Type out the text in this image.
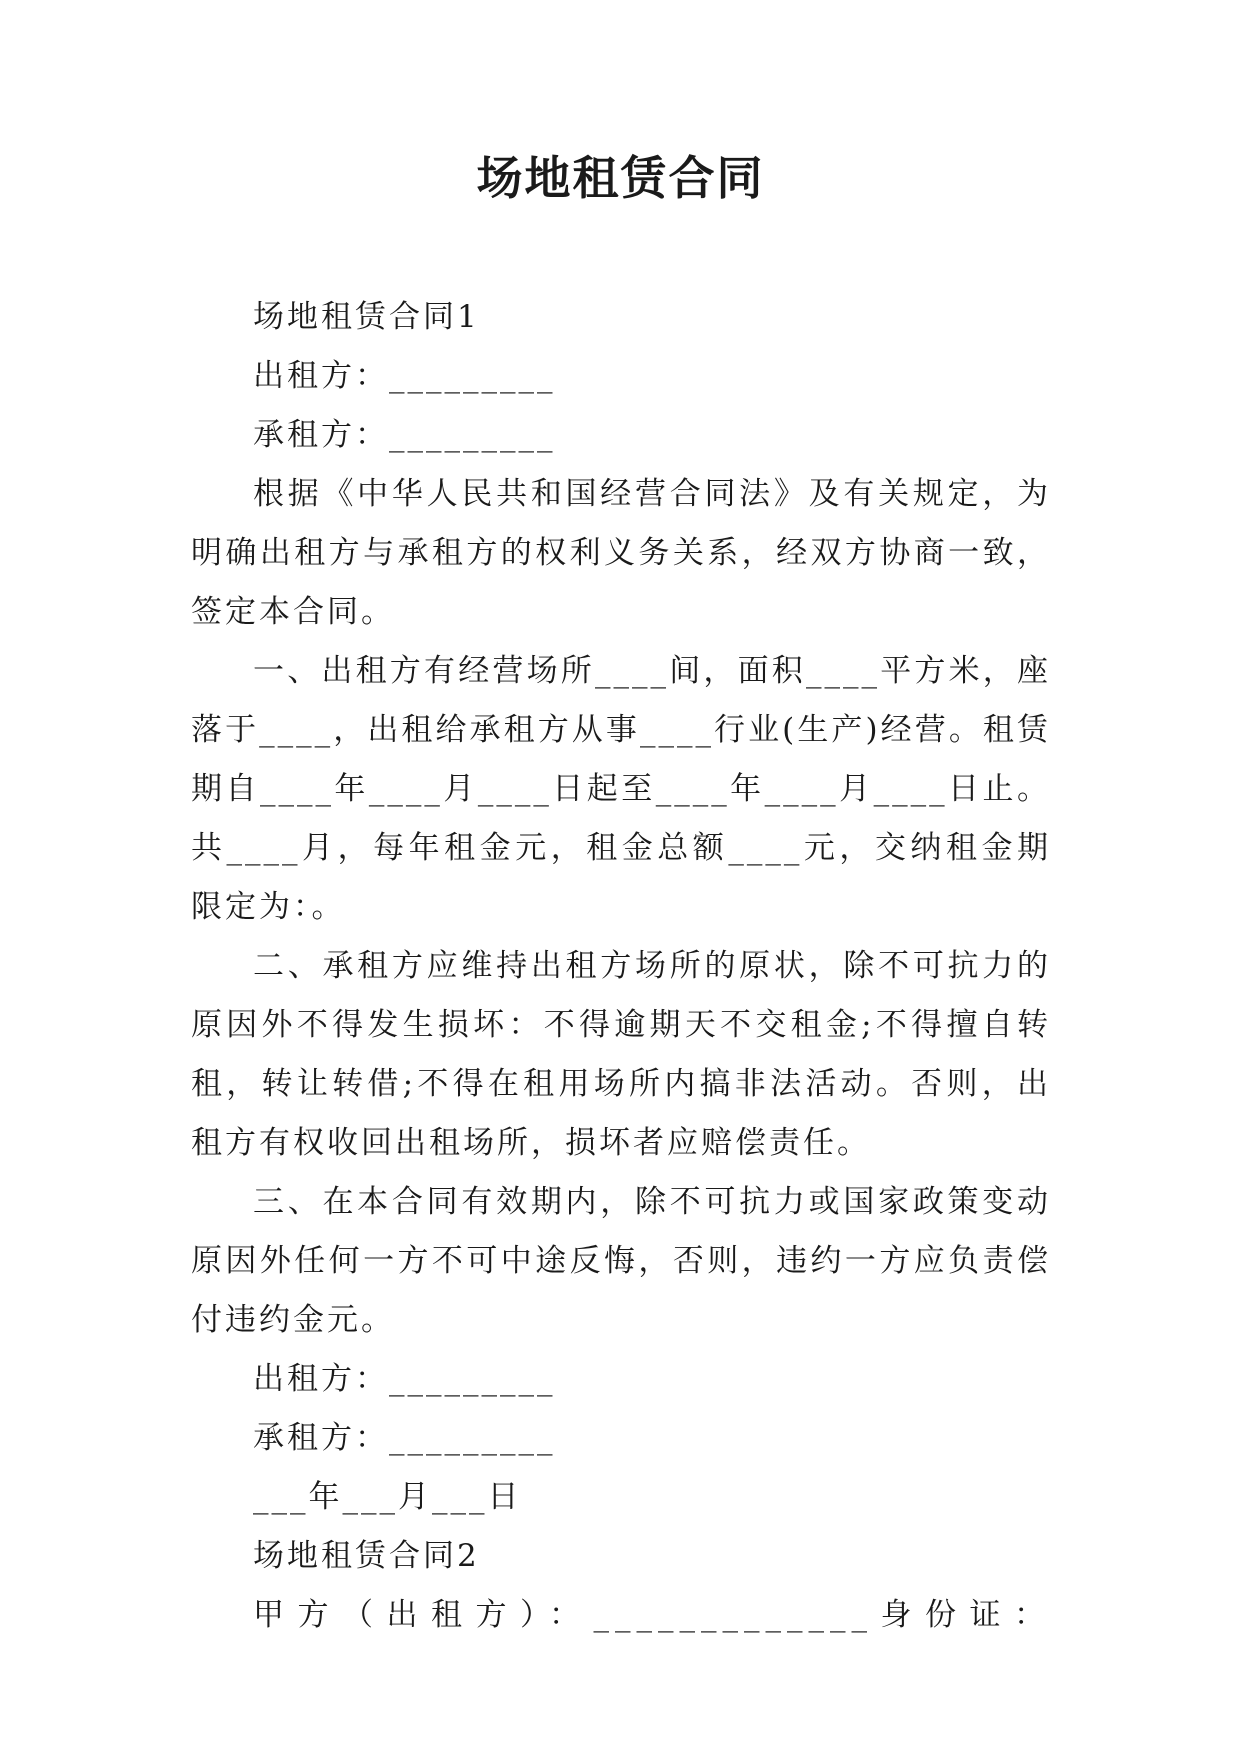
场地租赁合同

场地租赁合同1

出租方：_________

承租方：_________

根据《中华人民共和国经营合同法》及有关规定，为明确出租方与承租方的权利义务关系，经双方协商一致，签定本合同。

一、出租方有经营场所____间，面积____平方米，座落于____，出租给承租方从事____行业(生产)经营。租赁期自____年____月____日起至____年____月____日止。共____月，每年租金元，租金总额____元，交纳租金期限定为：。

二、承租方应维持出租方场所的原状，除不可抗力的原因外不得发生损坏：不得逾期天不交租金;不得擅自转租，转让转借;不得在租用场所内搞非法活动。否则，出租方有权收回出租场所，损坏者应赔偿责任。

三、在本合同有效期内，除不可抗力或国家政策变动原因外任何一方不可中途反悔，否则，违约一方应负责偿付违约金元。

出租方：_________

承租方：_________

___年___月___日

场地租赁合同2

甲方（出租方）：_____________身份证：
